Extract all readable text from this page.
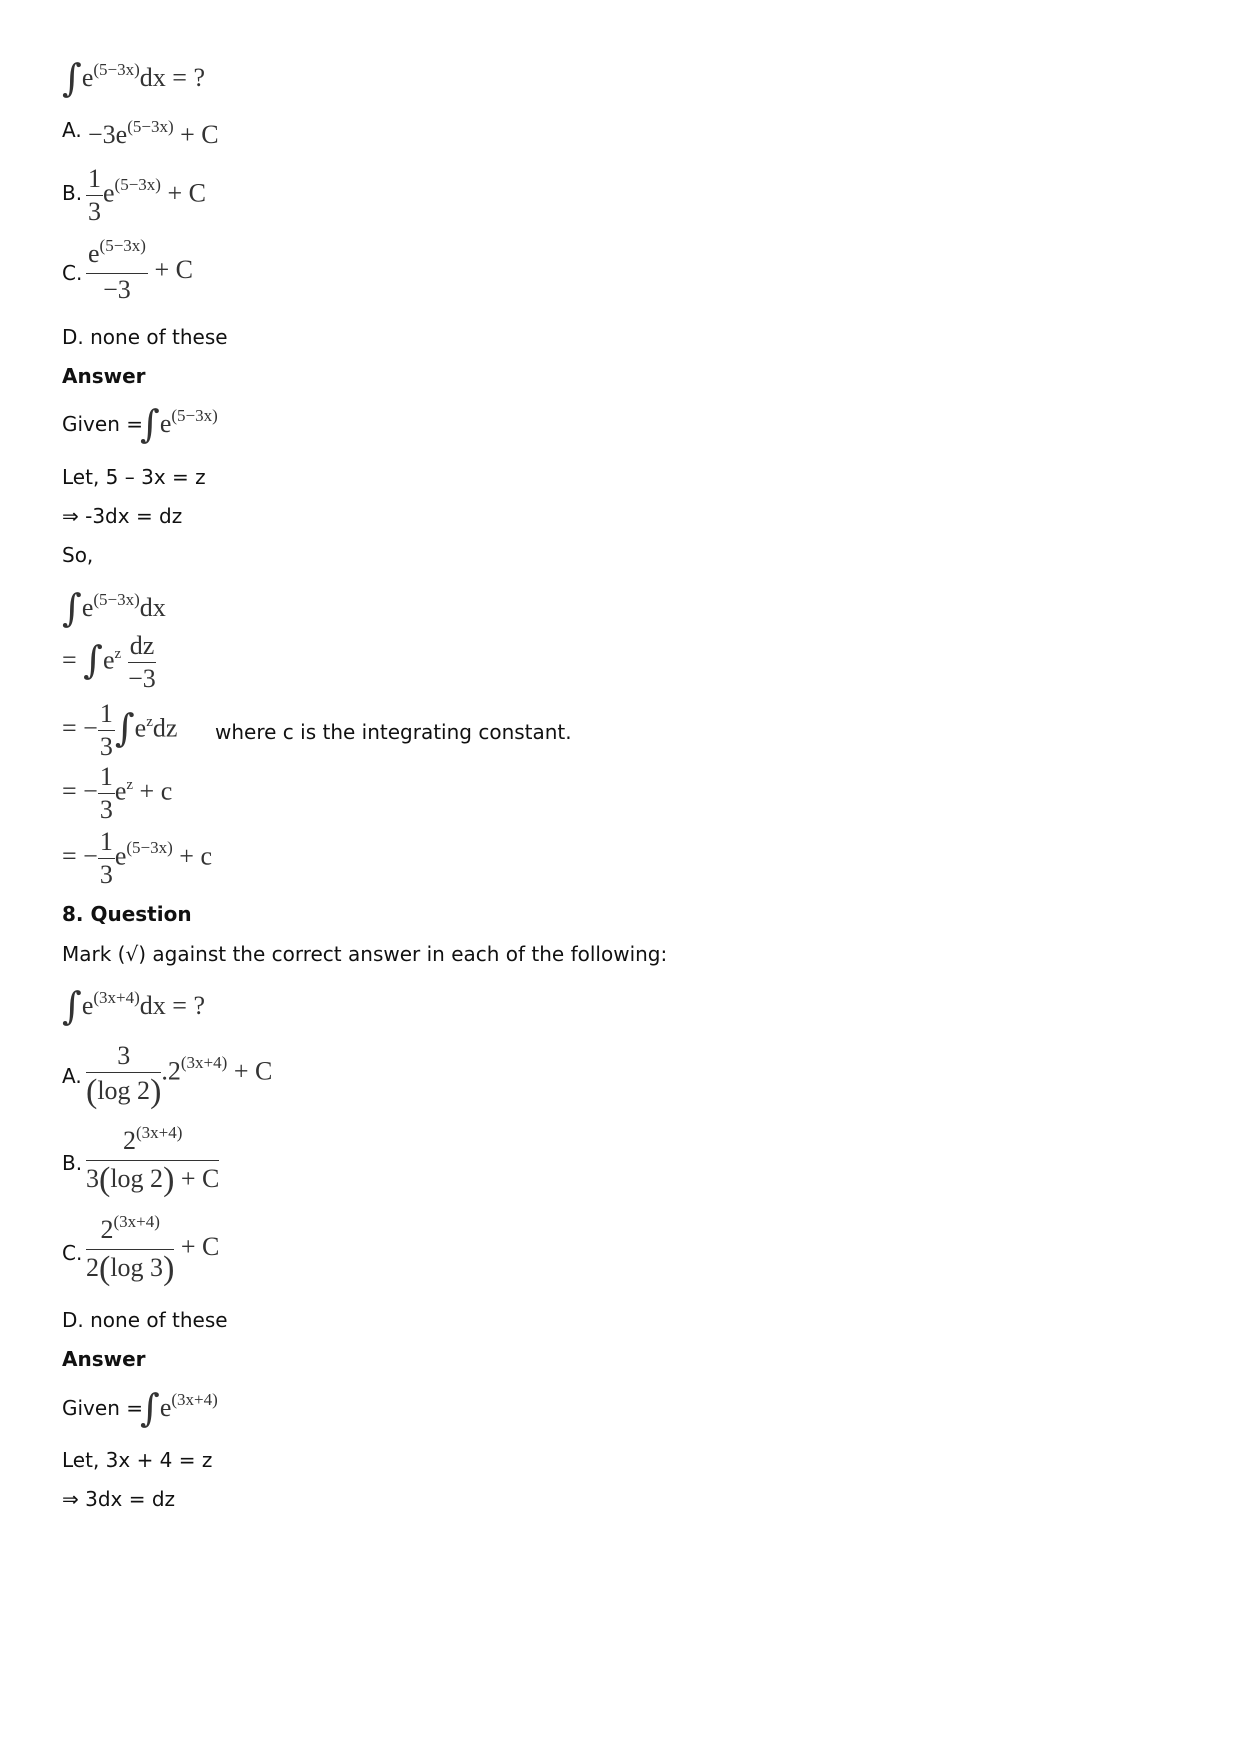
$\int e^{(5-3x)}dx$ = ?
A. $-3e^{(5-3x)} + C$
B. $\frac{1}{3} e^{(5-3x)} + C$
C. $\frac{e^{(5-3x)}}{-3} + C$
D. none of these
Answer
Given =
$\int e^{(5-3x)}$
Let, 5 – 3x = z
⇒ -3dx = dz
So,
$\int e^{(5-3x)}dx$
= $\int e^z \frac{dz}{-3}$
= − $\frac{1}{3} \int e^zdz$ where c is the integrating constant.
= − $\frac{1}{3} e^z + c$
= − $\frac{1}{3} e^{(5-3x)} + c$
8. Question
Mark (√) against the correct answer in each of the following:
$\int e^{(3x+4)}dx$ = ?
A. $\frac{3}{(\log 2)} .2^{(3x+4)} + C$
B. $\frac{2^{(3x+4)}}{3(\log 2) + C}$
C. $\frac{2^{(3x+4)}}{2(\log 3)} + C$
D. none of these
Answer
Given =
$\int e^{(3x+4)}$
Let, 3x + 4 = z
⇒ 3dx = dz
